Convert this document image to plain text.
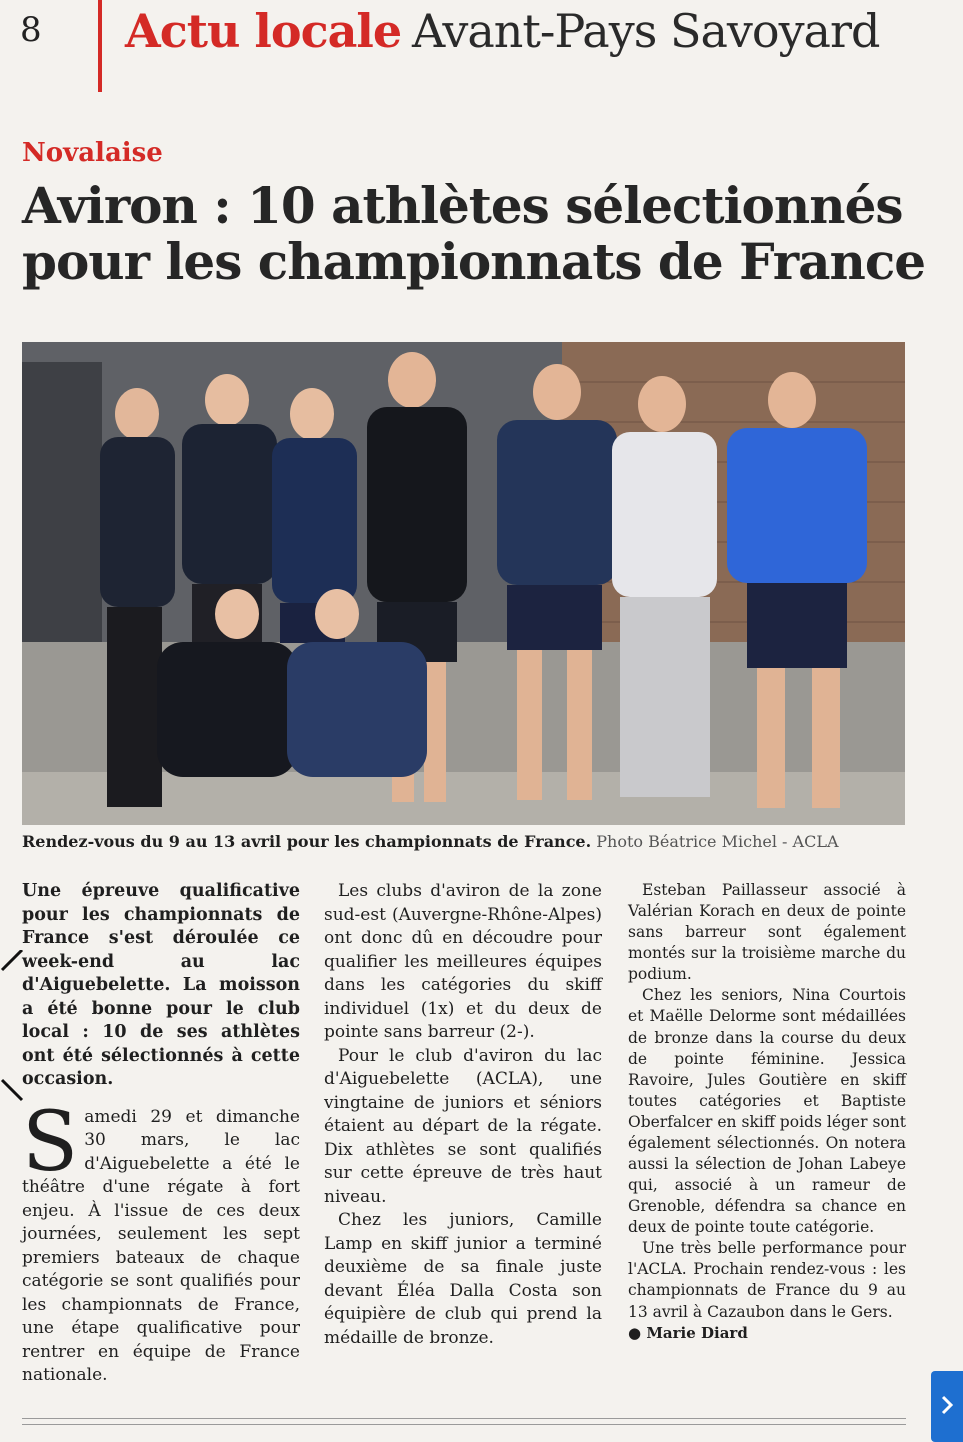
8 Actu locale Avant-Pays Savoyard
Novalaise
Aviron : 10 athlètes sélectionnés pour les championnats de France
Rendez-vous du 9 au 13 avril pour les championnats de France. Photo Béatrice Michel - ACLA

Une épreuve qualificative pour les championnats de France s'est déroulée ce week-end au lac d'Aiguebelette. La moisson a été bonne pour le club local : 10 de ses athlètes ont été sélectionnés à cette occasion.

Samedi 29 et dimanche 30 mars, le lac d'Aiguebelette a été le théâtre d'une régate à fort enjeu. À l'issue de ces deux journées, seulement les sept premiers bateaux de chaque catégorie se sont qualifiés pour les championnats de France, une étape qualificative pour rentrer en équipe de France nationale.

Les clubs d'aviron de la zone sud-est (Auvergne-Rhône-Alpes) ont donc dû en découdre pour qualifier les meilleures équipes dans les catégories du skiff individuel (1x) et du deux de pointe sans barreur (2-).

Pour le club d'aviron du lac d'Aiguebelette (ACLA), une vingtaine de juniors et séniors étaient au départ de la régate. Dix athlètes se sont qualifiés sur cette épreuve de très haut niveau.

Chez les juniors, Camille Lamp en skiff junior a terminé deuxième de sa finale juste devant Éléa Dalla Costa son équipière de club qui prend la médaille de bronze.

Esteban Paillasseur associé à Valérian Korach en deux de pointe sans barreur sont également montés sur la troisième marche du podium.

Chez les seniors, Nina Courtois et Maëlle Delorme sont médaillées de bronze dans la course du deux de pointe féminine. Jessica Ravoire, Jules Goutière en skiff toutes catégories et Baptiste Oberfalcer en skiff poids léger sont également sélectionnés. On notera aussi la sélection de Johan Labeye qui, associé à un rameur de Grenoble, défendra sa chance en deux de pointe toute catégorie.

Une très belle performance pour l'ACLA. Prochain rendez-vous : les championnats de France du 9 au 13 avril à Cazaubon dans le Gers.

● Marie Diard
